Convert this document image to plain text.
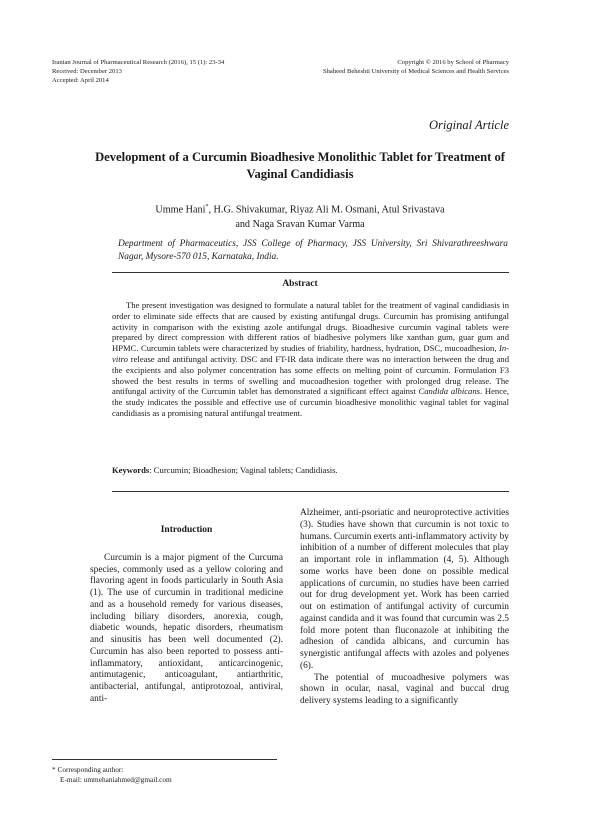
Iranian Journal of Pharmaceutical Research (2016), 15 (1): 23-34
Received: December 2013
Accepted: April 2014
Copyright © 2016 by School of Pharmacy
Shaheed Beheshti University of Medical Sciences and Health Services
Original Article
Development of a Curcumin Bioadhesive Monolithic Tablet for Treatment of Vaginal Candidiasis
Umme Hani*, H.G. Shivakumar, Riyaz Ali M. Osmani, Atul Srivastava
and Naga Sravan Kumar Varma
Department of Pharmaceutics, JSS College of Pharmacy, JSS University, Sri Shivarathreeshwara Nagar, Mysore-570 015, Karnataka, India.
Abstract

The present investigation was designed to formulate a natural tablet for the treatment of vaginal candidiasis in order to eliminate side effects that are caused by existing antifungal drugs. Curcumin has promising antifungal activity in comparison with the existing azole antifungal drugs. Bioadhesive curcumin vaginal tablets were prepared by direct compression with different ratios of biadhesive polymers like xanthan gum, guar gum and HPMC. Curcumin tablets were characterized by studies of friability, hardness, hydration, DSC, mucoadhesion, In-vitro release and antifungal activity. DSC and FT-IR data indicate there was no interaction between the drug and the excipients and also polymer concentration has some effects on melting point of curcumin. Formulation F3 showed the best results in terms of swelling and mucoadhesion together with prolonged drug release. The antifungal activity of the Curcumin tablet has demonstrated a significant effect against Candida albicans. Hence, the study indicates the possible and effective use of curcumin bioadhesive monolithic vaginal tablet for vaginal candidiasis as a promising natural antifungal treatment.

Keywords: Curcumin; Bioadhesion; Vaginal tablets; Candidiasis.

Introduction

Curcumin is a major pigment of the Curcuma species, commonly used as a yellow coloring and flavoring agent in foods particularly in South Asia (1). The use of curcumin in traditional medicine and as a household remedy for various diseases, including biliary disorders, anorexia, cough, diabetic wounds, hepatic disorders, rheumatism and sinusitis has been well documented (2). Curcumin has also been reported to possess anti-inflammatory, antioxidant, anticarcinogenic, antimutagenic, anticoagulant, antiarthritic, antibacterial, antifungal, antiprotozoal, antiviral, anti-

Alzheimer, anti-psoriatic and neuroprotective activities (3). Studies have shown that curcumin is not toxic to humans. Curcumin exerts anti-inflammatory activity by inhibition of a number of different molecules that play an important role in inflammation (4, 5). Although some works have been done on possible medical applications of curcumin, no studies have been carried out for drug development yet. Work has been carried out on estimation of antifungal activity of curcumin against candida and it was found that curcumin was 2.5 fold more potent than fluconazole at inhibiting the adhesion of candida albicans, and curcumin has synergistic antifungal affects with azoles and polyenes (6).

The potential of mucoadhesive polymers was shown in ocular, nasal, vaginal and buccal drug delivery systems leading to a significantly

* Corresponding author:
E-mail: ummehaniahmed@gmail.com
